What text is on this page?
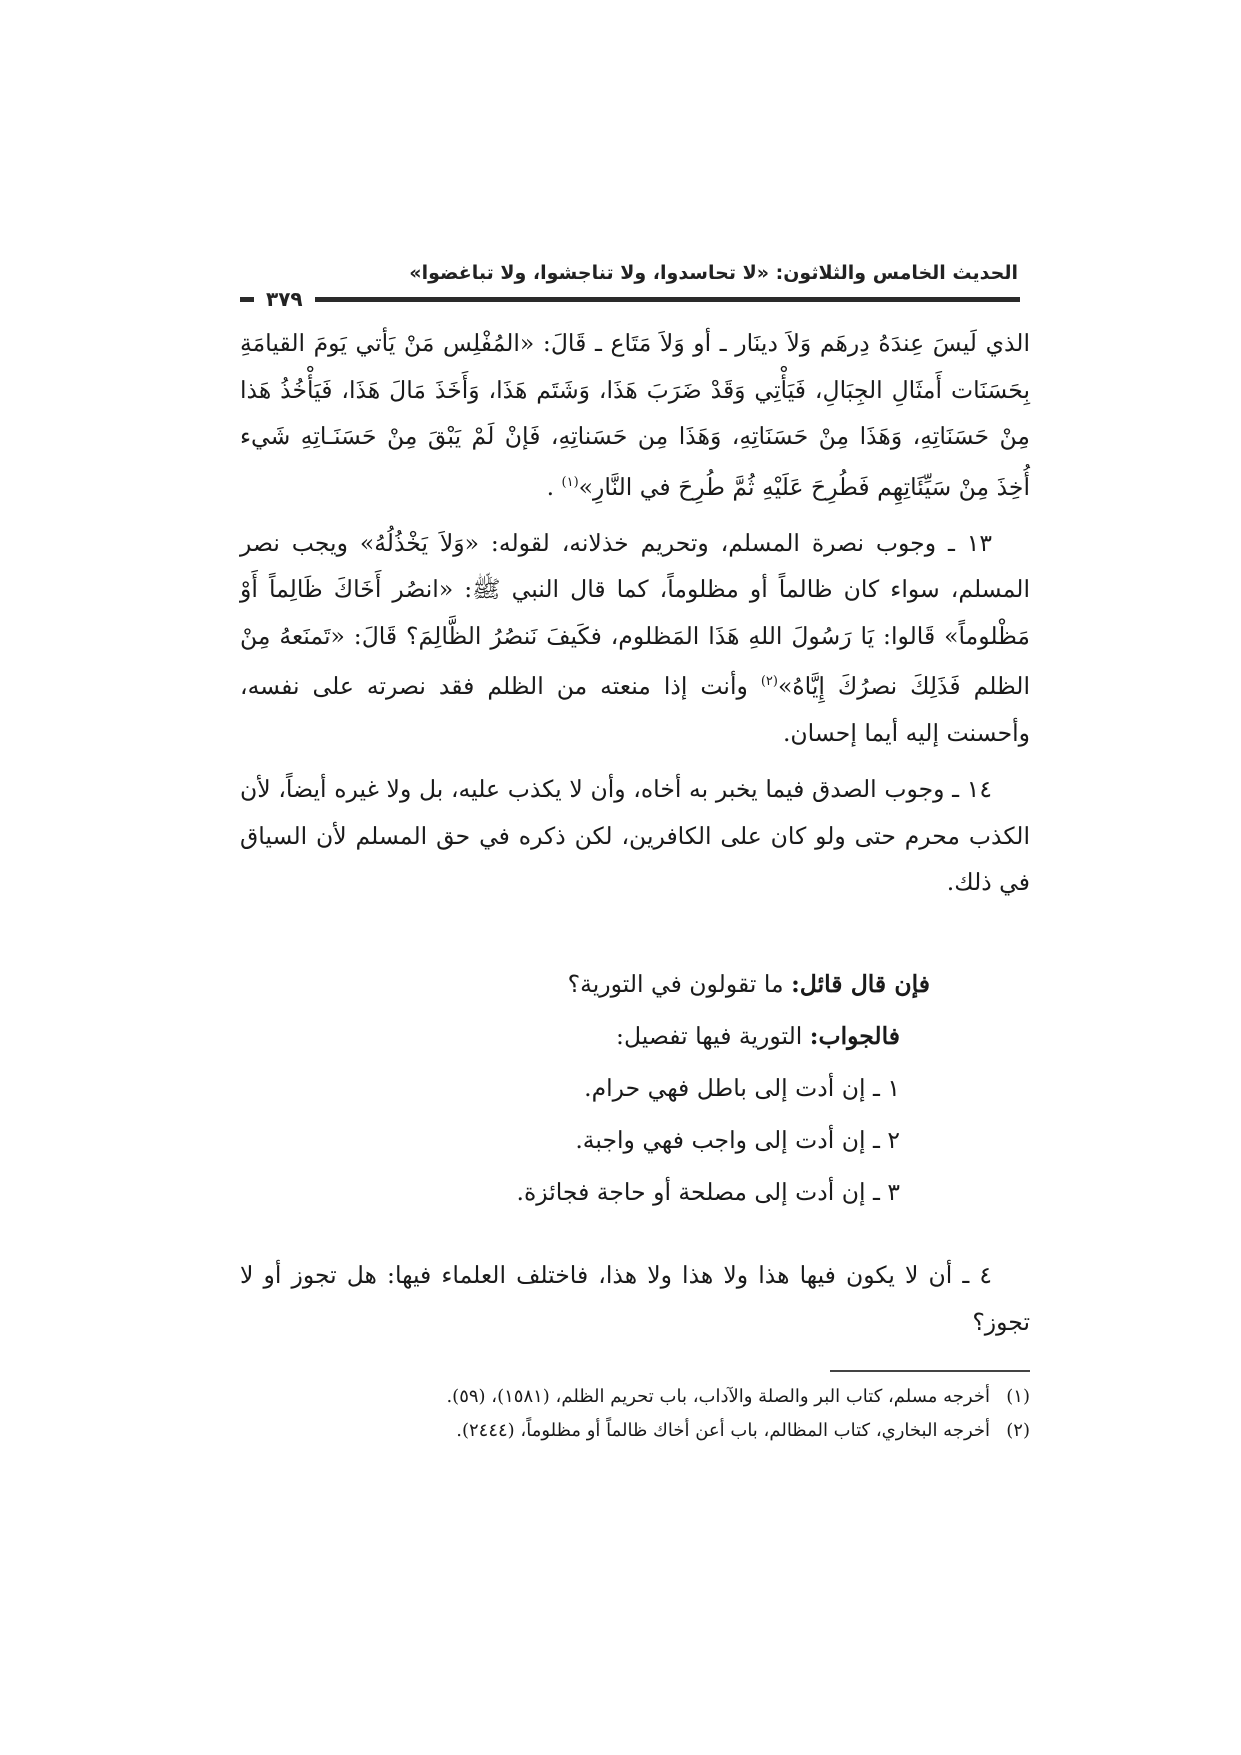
الحديث الخامس والثلاثون: «لا تحاسدوا، ولا تناجشوا، ولا تباغضوا»
٣٧٩

الذي لَيسَ عِندَهُ دِرهَم وَلاَ دينَار ـ أو وَلاَ مَتَاع ـ قَالَ: «المُفْلِس مَنْ يَأتي يَومَ القيامَةِ بِحَسَنَات أَمثَالِ الجِبَالِ، فَيَأْتِي وَقَدْ ضَرَبَ هَذَا، وَشَتَم هَذَا، وَأَخَذَ مَالَ هَذَا، فَيَأْخُذُ هَذا مِنْ حَسَنَاتِهِ، وَهَذَا مِنْ حَسَنَاتِهِ، وَهَذَا مِن حَسَناتِهِ، فَإنْ لَمْ يَبْقَ مِنْ حَسَنَـاتِهِ شَيء أُخِذَ مِنْ سَيِّئَاتِهِم فَطُرِحَ عَلَيْهِ ثُمَّ طُرِحَ في النَّارِ»$^{(١)}$ .

١٣ ـ وجوب نصرة المسلم، وتحريم خذلانه، لقوله: «وَلاَ يَخْذُلُهُ» ويجب نصر المسلم، سواء كان ظالماً أو مظلوماً، كما قال النبي ﷺ: «انصُر أَخَاكَ ظَالِماً أَوْ مَظْلوماً» قَالوا: يَا رَسُولَ اللهِ هَذَا المَظلوم، فكَيفَ نَنصُرُ الظَّالِمَ؟ قَالَ: «تَمنَعهُ مِنْ الظلم فَذَلِكَ نصرُكَ إِيَّاهُ»$^{(٢)}$ وأنت إذا منعته من الظلم فقد نصرته على نفسه، وأحسنت إليه أيما إحسان.

١٤ ـ وجوب الصدق فيما يخبر به أخاه، وأن لا يكذب عليه، بل ولا غيره أيضاً، لأن الكذب محرم حتى ولو كان على الكافرين، لكن ذكره في حق المسلم لأن السياق في ذلك.

فإن قال قائل: ما تقولون في التورية؟

فالجواب: التورية فيها تفصيل:

١ ـ إن أدت إلى باطل فهي حرام.

٢ ـ إن أدت إلى واجب فهي واجبة.

٣ ـ إن أدت إلى مصلحة أو حاجة فجائزة.

٤ ـ أن لا يكون فيها هذا ولا هذا ولا هذا، فاختلف العلماء فيها: هل تجوز أو لا تجوز؟

(١)أخرجه مسلم، كتاب البر والصلة والآداب، باب تحريم الظلم، (١٥٨١)، (٥٩).

(٢)أخرجه البخاري، كتاب المظالم، باب أعن أخاك ظالماً أو مظلوماً، (٢٤٤٤).
